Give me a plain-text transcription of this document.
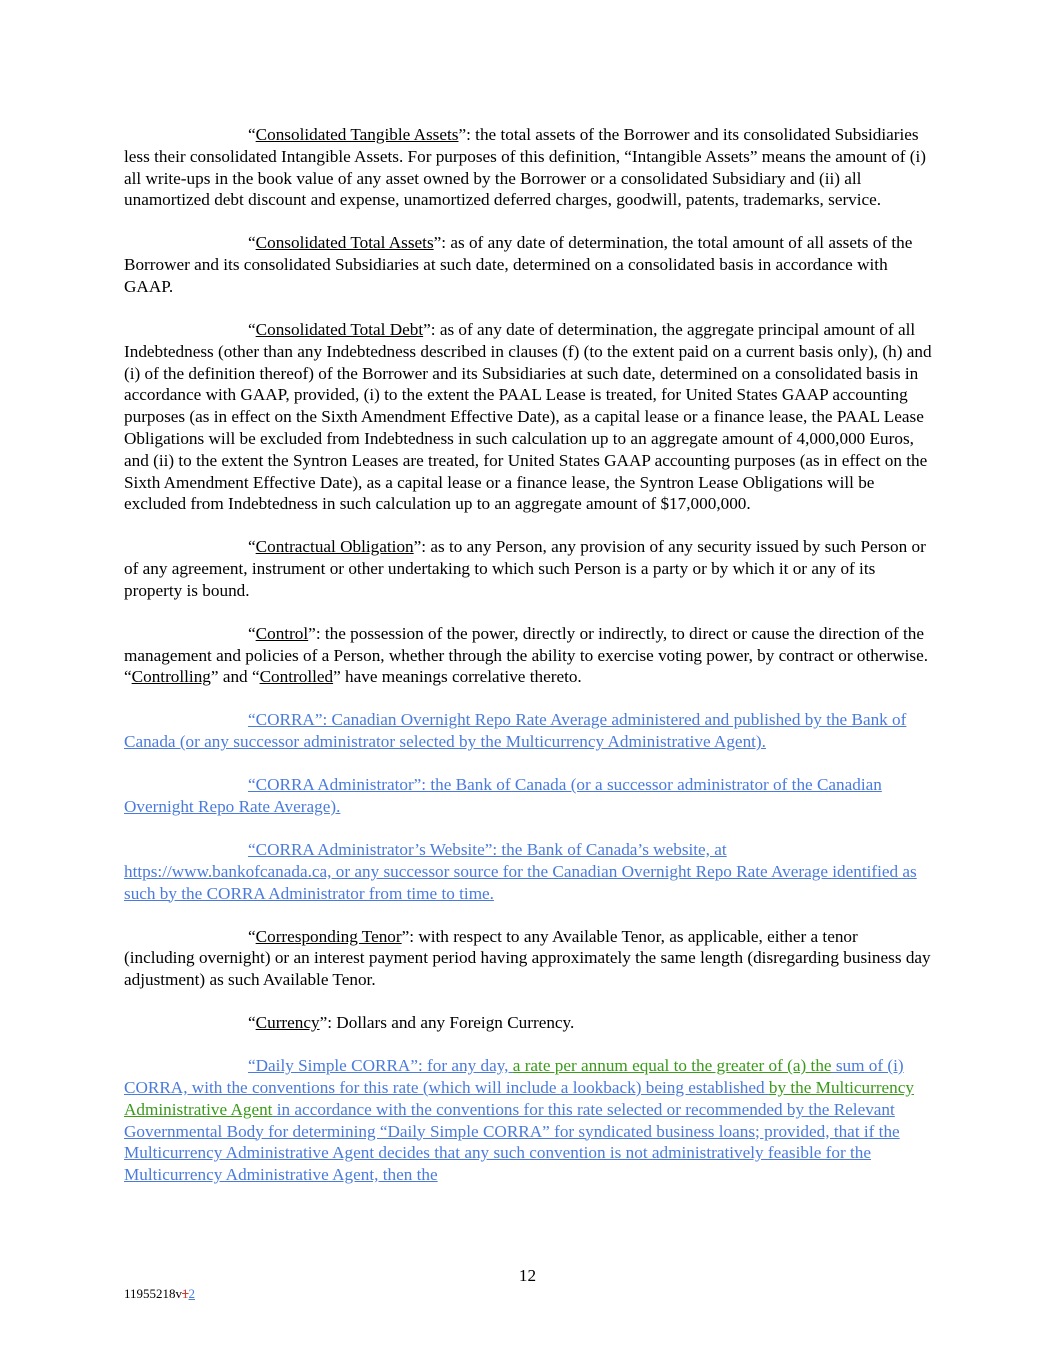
“Consolidated Tangible Assets”: the total assets of the Borrower and its consolidated Subsidiaries less their consolidated Intangible Assets. For purposes of this definition, “Intangible Assets” means the amount of (i) all write-ups in the book value of any asset owned by the Borrower or a consolidated Subsidiary and (ii) all unamortized debt discount and expense, unamortized deferred charges, goodwill, patents, trademarks, service.

“Consolidated Total Assets”: as of any date of determination, the total amount of all assets of the Borrower and its consolidated Subsidiaries at such date, determined on a consolidated basis in accordance with GAAP.

“Consolidated Total Debt”: as of any date of determination, the aggregate principal amount of all Indebtedness (other than any Indebtedness described in clauses (f) (to the extent paid on a current basis only), (h) and (i) of the definition thereof) of the Borrower and its Subsidiaries at such date, determined on a consolidated basis in accordance with GAAP, provided, (i) to the extent the PAAL Lease is treated, for United States GAAP accounting purposes (as in effect on the Sixth Amendment Effective Date), as a capital lease or a finance lease, the PAAL Lease Obligations will be excluded from Indebtedness in such calculation up to an aggregate amount of 4,000,000 Euros, and (ii) to the extent the Syntron Leases are treated, for United States GAAP accounting purposes (as in effect on the Sixth Amendment Effective Date), as a capital lease or a finance lease, the Syntron Lease Obligations will be excluded from Indebtedness in such calculation up to an aggregate amount of $17,000,000.

“Contractual Obligation”: as to any Person, any provision of any security issued by such Person or of any agreement, instrument or other undertaking to which such Person is a party or by which it or any of its property is bound.

“Control”: the possession of the power, directly or indirectly, to direct or cause the direction of the management and policies of a Person, whether through the ability to exercise voting power, by contract or otherwise. “Controlling” and “Controlled” have meanings correlative thereto.

“CORRA”: Canadian Overnight Repo Rate Average administered and published by the Bank of Canada (or any successor administrator selected by the Multicurrency Administrative Agent).

“CORRA Administrator”: the Bank of Canada (or a successor administrator of the Canadian Overnight Repo Rate Average).

“CORRA Administrator’s Website”: the Bank of Canada’s website, at https://www.bankofcanada.ca, or any successor source for the Canadian Overnight Repo Rate Average identified as such by the CORRA Administrator from time to time.

“Corresponding Tenor”: with respect to any Available Tenor, as applicable, either a tenor (including overnight) or an interest payment period having approximately the same length (disregarding business day adjustment) as such Available Tenor.

“Currency”: Dollars and any Foreign Currency.

“Daily Simple CORRA”: for any day, a rate per annum equal to the greater of (a) the sum of (i) CORRA, with the conventions for this rate (which will include a lookback) being established by the Multicurrency Administrative Agent in accordance with the conventions for this rate selected or recommended by the Relevant Governmental Body for determining “Daily Simple CORRA” for syndicated business loans; provided, that if the Multicurrency Administrative Agent decides that any such convention is not administratively feasible for the Multicurrency Administrative Agent, then the

12
11955218v12
